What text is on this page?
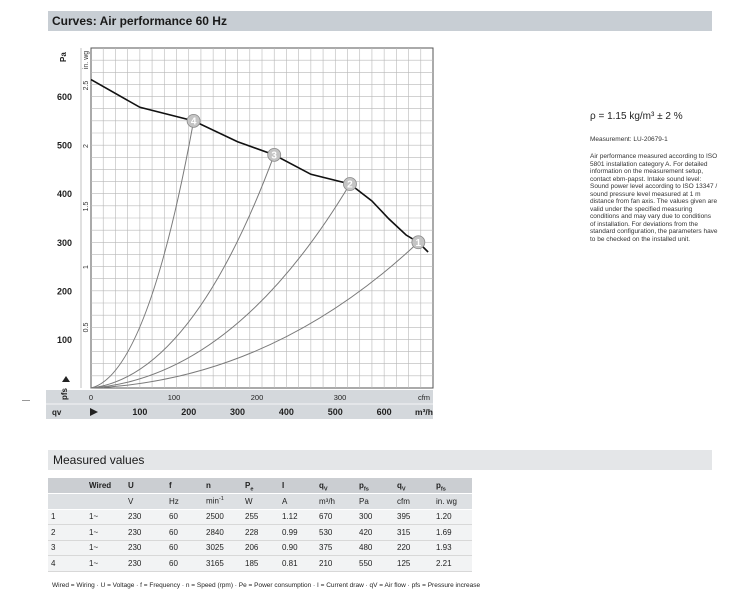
Curves: Air performance 60 Hz
4
3
2
1
100
200
300
400
500
600
Pa
0.5
1
1.5
2
2.5
in. wg
pfs	0	100	200	300	cfm
100	200	300	400	500	600	m³/h
qv
ρ = 1.15 kg/m³ ± 2 %
Measurement: LU-20679-1
Air performance measured according to ISO 5801 installation category A. For detailed information on the measurement setup, contact ebm-papst. Intake sound level: Sound power level according to ISO 13347 / sound pressure level measured at 1 m distance from fan axis. The values given are valid under the specified measuring conditions and may vary due to conditions of installation. For deviations from the standard configuration, the parameters have to be checked on the installed unit.
Measured values
	Wired	U	f	n	$P_e$	I	$q_V$	$p_{fs}$	$q_V$	$p_{fs}$
		V	Hz	$\min^{-1}$	W	A	m³/h	Pa	cfm	in. wg
1	1~	230	60	2500	255	1.12	670	300	395	1.20
2	1~	230	60	2840	228	0.99	530	420	315	1.69
3	1~	230	60	3025	206	0.90	375	480	220	1.93
4	1~	230	60	3165	185	0.81	210	550	125	2.21
Wired = Wiring · U = Voltage · f = Frequency · n = Speed (rpm) · Pe = Power consumption · I = Current draw · qV = Air flow · pfs = Pressure increase
